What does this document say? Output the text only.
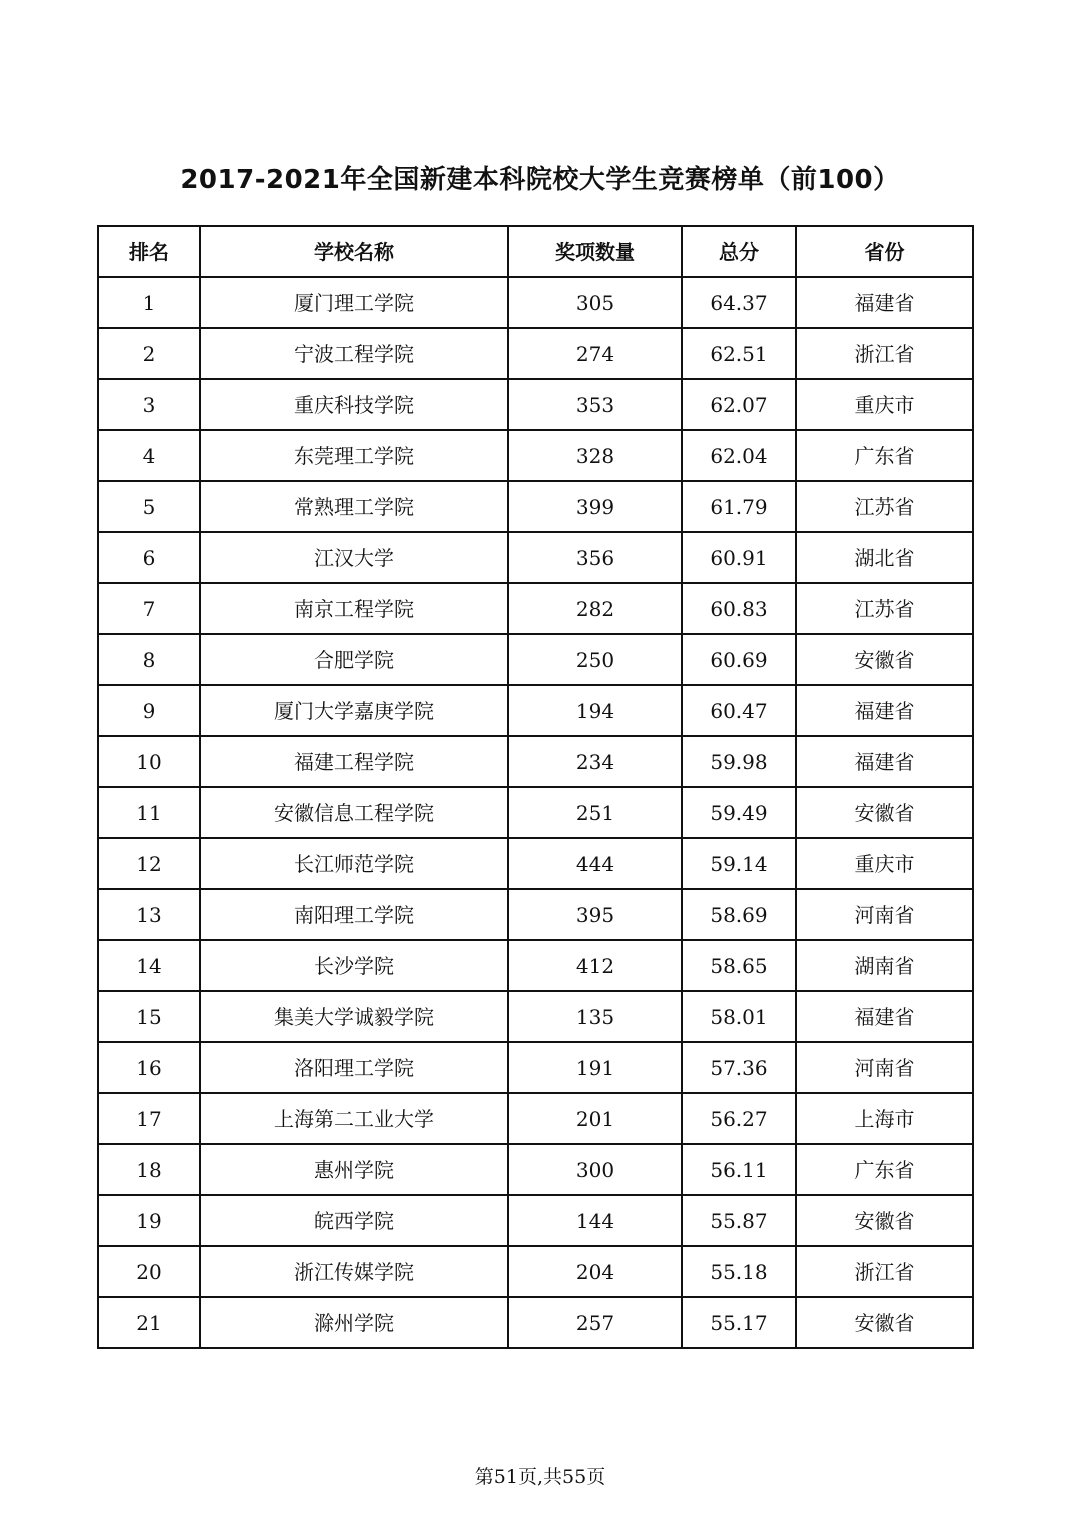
2017-2021年全国新建本科院校大学生竞赛榜单（前100）
排名	学校名称	奖项数量	总分	省份
1	厦门理工学院	305	64.37	福建省
2	宁波工程学院	274	62.51	浙江省
3	重庆科技学院	353	62.07	重庆市
4	东莞理工学院	328	62.04	广东省
5	常熟理工学院	399	61.79	江苏省
6	江汉大学	356	60.91	湖北省
7	南京工程学院	282	60.83	江苏省
8	合肥学院	250	60.69	安徽省
9	厦门大学嘉庚学院	194	60.47	福建省
10	福建工程学院	234	59.98	福建省
11	安徽信息工程学院	251	59.49	安徽省
12	长江师范学院	444	59.14	重庆市
13	南阳理工学院	395	58.69	河南省
14	长沙学院	412	58.65	湖南省
15	集美大学诚毅学院	135	58.01	福建省
16	洛阳理工学院	191	57.36	河南省
17	上海第二工业大学	201	56.27	上海市
18	惠州学院	300	56.11	广东省
19	皖西学院	144	55.87	安徽省
20	浙江传媒学院	204	55.18	浙江省
21	滁州学院	257	55.17	安徽省
第51页,共55页
